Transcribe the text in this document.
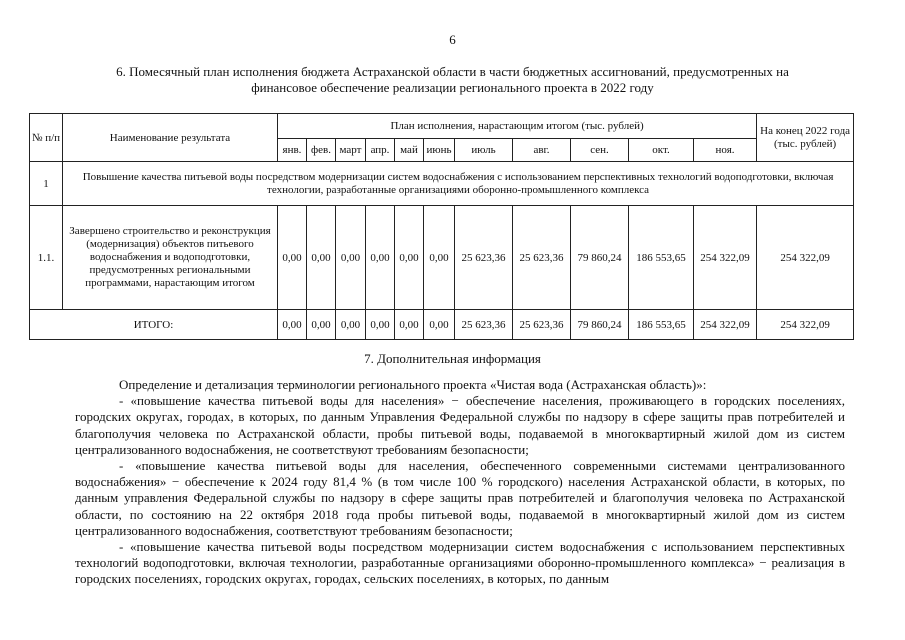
6
6. Помесячный план исполнения бюджета Астраханской области в части бюджетных ассигнований, предусмотренных на
финансовое обеспечение реализации регионального проекта в 2022 году
№ п/п	Наименование результата	План исполнения, нарастающим итогом (тыс. рублей)											На конец 2022 года (тыс. рублей)
		янв.	фев.	март	апр.	май	июнь	июль	авг.	сен.	окт.	ноя.	
1	Повышение качества питьевой воды посредством модернизации систем водоснабжения с использованием перспективных технологий водоподготовки, включая технологии, разработанные организациями оборонно-промышленного комплекса												
1.1.	Завершено строительство и реконструкция (модернизация) объектов питьевого водоснабжения и водоподготовки, предусмотренных региональными программами, нарастающим итогом	0,00	0,00	0,00	0,00	0,00	0,00	25 623,36	25 623,36	79 860,24	186 553,65	254 322,09	254 322,09
ИТОГО:		0,00	0,00	0,00	0,00	0,00	0,00	25 623,36	25 623,36	79 860,24	186 553,65	254 322,09	254 322,09
7. Дополнительная информация

Определение и детализация терминологии регионального проекта «Чистая вода (Астраханская область)»:

- «повышение качества питьевой воды для населения» − обеспечение населения, проживающего в городских поселениях, городских округах, городах, в которых, по данным Управления Федеральной службы по надзору в сфере защиты прав потребителей и благополучия человека по Астраханской области, пробы питьевой воды, подаваемой в многоквартирный жилой дом из систем централизованного водоснабжения, не соответствуют требованиям безопасности;

- «повышение качества питьевой воды для населения, обеспеченного современными системами централизованного водоснабжения» − обеспечение к 2024 году 81,4 % (в том числе 100 % городского) населения Астраханской области, в которых, по данным управления Федеральной службы по надзору в сфере защиты прав потребителей и благополучия человека по Астраханской области, по состоянию на 22 октября 2018 года пробы питьевой воды, подаваемой в многоквартирный жилой дом из систем централизованного водоснабжения, соответствуют требованиям безопасности;

- «повышение качества питьевой воды посредством модернизации систем водоснабжения с использованием перспективных технологий водоподготовки, включая технологии, разработанные организациями оборонно-промышленного комплекса» − реализация в городских поселениях, городских округах, городах, сельских поселениях, в которых, по данным
